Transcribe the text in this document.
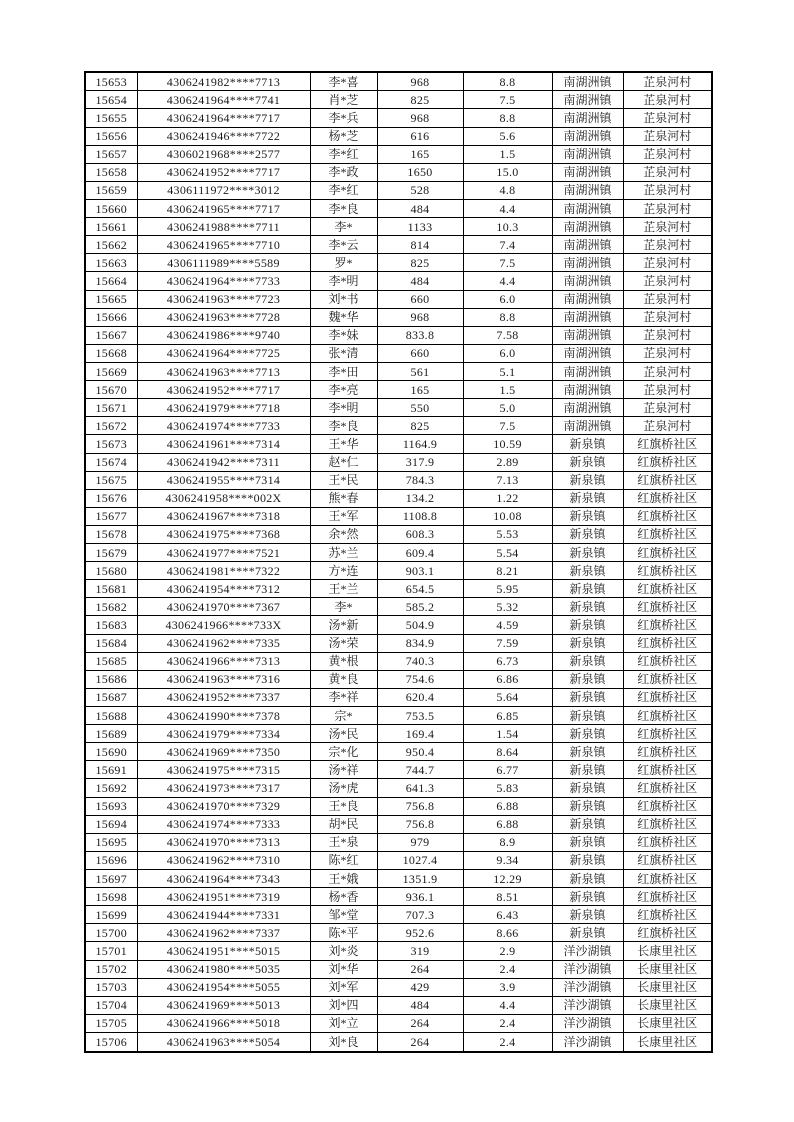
15653	4306241982****7713	李*喜	968	8.8	南湖洲镇	芷泉河村
15654	4306241964****7741	肖*芝	825	7.5	南湖洲镇	芷泉河村
15655	4306241964****7717	李*兵	968	8.8	南湖洲镇	芷泉河村
15656	4306241946****7722	杨*芝	616	5.6	南湖洲镇	芷泉河村
15657	4306021968****2577	李*红	165	1.5	南湖洲镇	芷泉河村
15658	4306241952****7717	李*政	1650	15.0	南湖洲镇	芷泉河村
15659	4306111972****3012	李*红	528	4.8	南湖洲镇	芷泉河村
15660	4306241965****7717	李*良	484	4.4	南湖洲镇	芷泉河村
15661	4306241988****7711	李*	1133	10.3	南湖洲镇	芷泉河村
15662	4306241965****7710	李*云	814	7.4	南湖洲镇	芷泉河村
15663	4306111989****5589	罗*	825	7.5	南湖洲镇	芷泉河村
15664	4306241964****7733	李*明	484	4.4	南湖洲镇	芷泉河村
15665	4306241963****7723	刘*书	660	6.0	南湖洲镇	芷泉河村
15666	4306241963****7728	魏*华	968	8.8	南湖洲镇	芷泉河村
15667	4306241986****9740	李*妹	833.8	7.58	南湖洲镇	芷泉河村
15668	4306241964****7725	张*清	660	6.0	南湖洲镇	芷泉河村
15669	4306241963****7713	李*田	561	5.1	南湖洲镇	芷泉河村
15670	4306241952****7717	李*亮	165	1.5	南湖洲镇	芷泉河村
15671	4306241979****7718	李*明	550	5.0	南湖洲镇	芷泉河村
15672	4306241974****7733	李*良	825	7.5	南湖洲镇	芷泉河村
15673	4306241961****7314	王*华	1164.9	10.59	新泉镇	红旗桥社区
15674	4306241942****7311	赵*仁	317.9	2.89	新泉镇	红旗桥社区
15675	4306241955****7314	王*民	784.3	7.13	新泉镇	红旗桥社区
15676	4306241958****002X	熊*春	134.2	1.22	新泉镇	红旗桥社区
15677	4306241967****7318	王*军	1108.8	10.08	新泉镇	红旗桥社区
15678	4306241975****7368	余*然	608.3	5.53	新泉镇	红旗桥社区
15679	4306241977****7521	苏*兰	609.4	5.54	新泉镇	红旗桥社区
15680	4306241981****7322	方*连	903.1	8.21	新泉镇	红旗桥社区
15681	4306241954****7312	王*兰	654.5	5.95	新泉镇	红旗桥社区
15682	4306241970****7367	李*	585.2	5.32	新泉镇	红旗桥社区
15683	4306241966****733X	汤*新	504.9	4.59	新泉镇	红旗桥社区
15684	4306241962****7335	汤*荣	834.9	7.59	新泉镇	红旗桥社区
15685	4306241966****7313	黄*根	740.3	6.73	新泉镇	红旗桥社区
15686	4306241963****7316	黄*良	754.6	6.86	新泉镇	红旗桥社区
15687	4306241952****7337	李*祥	620.4	5.64	新泉镇	红旗桥社区
15688	4306241990****7378	宗*	753.5	6.85	新泉镇	红旗桥社区
15689	4306241979****7334	汤*民	169.4	1.54	新泉镇	红旗桥社区
15690	4306241969****7350	宗*化	950.4	8.64	新泉镇	红旗桥社区
15691	4306241975****7315	汤*祥	744.7	6.77	新泉镇	红旗桥社区
15692	4306241973****7317	汤*虎	641.3	5.83	新泉镇	红旗桥社区
15693	4306241970****7329	王*良	756.8	6.88	新泉镇	红旗桥社区
15694	4306241974****7333	胡*民	756.8	6.88	新泉镇	红旗桥社区
15695	4306241970****7313	王*泉	979	8.9	新泉镇	红旗桥社区
15696	4306241962****7310	陈*红	1027.4	9.34	新泉镇	红旗桥社区
15697	4306241964****7343	王*娥	1351.9	12.29	新泉镇	红旗桥社区
15698	4306241951****7319	杨*香	936.1	8.51	新泉镇	红旗桥社区
15699	4306241944****7331	邹*堂	707.3	6.43	新泉镇	红旗桥社区
15700	4306241962****7337	陈*平	952.6	8.66	新泉镇	红旗桥社区
15701	4306241951****5015	刘*炎	319	2.9	洋沙湖镇	长康里社区
15702	4306241980****5035	刘*华	264	2.4	洋沙湖镇	长康里社区
15703	4306241954****5055	刘*军	429	3.9	洋沙湖镇	长康里社区
15704	4306241969****5013	刘*四	484	4.4	洋沙湖镇	长康里社区
15705	4306241966****5018	刘*立	264	2.4	洋沙湖镇	长康里社区
15706	4306241963****5054	刘*良	264	2.4	洋沙湖镇	长康里社区
